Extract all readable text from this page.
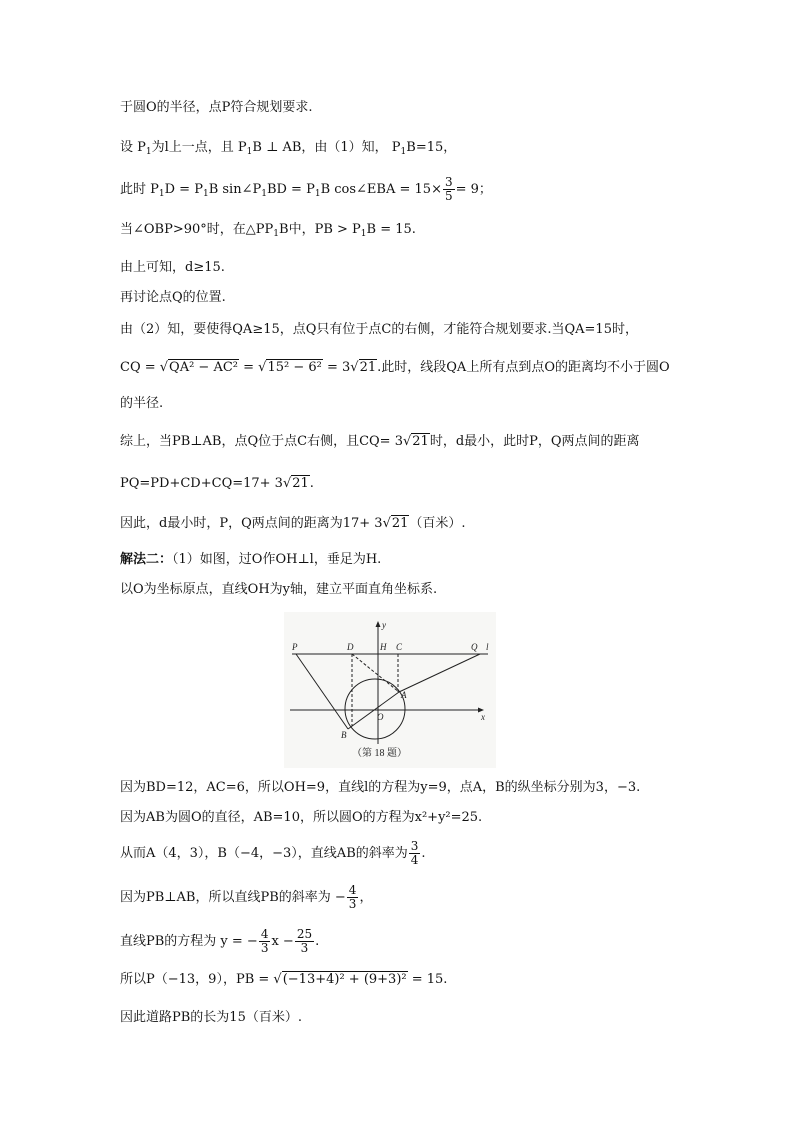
于圆O的半径，点P符合规划要求.
设 $P_1$为l上一点，且 $P_1B$ ⊥ AB，由（1）知， $P_1B=15$，
此时 $P_1D = P_1B$ $\sin\angle P_1BD = P_1B$ cos∠EBA = $15\times \frac{3}{5} = 9$；
当∠OBP>90°时，在$\triangle PP_1B$中，PB > $P_1B = 15$.
由上可知，d≥15.
再讨论点Q的位置.
由（2）知，要使得QA≥15，点Q只有位于点C的右侧，才能符合规划要求.当QA=15时，
CQ = √QA² − AC² = √15² − 6² = 3√21.此时，线段QA上所有点到点O的距离均不小于圆O
的半径.
综上，当PB⊥AB，点Q位于点C右侧，且CQ= 3√21时，d最小，此时P，Q两点间的距离
PQ=PD+CD+CQ=17+ 3√21.
因此，d最小时，P，Q两点间的距离为17+ 3√21（百米）.
解法二：（1）如图，过O作OH⊥l，垂足为H.
以O为坐标原点，直线OH为y轴，建立平面直角坐标系.
P	D	H C	Q l
A
O
B
x
y
（第 18 题）
因为BD=12，AC=6，所以OH=9，直线l的方程为y=9，点A，B的纵坐标分别为3，−3.
因为AB为圆O的直径，AB=10，所以圆O的方程为x²+y²=25.
从而A（4，3），B（−4，−3），直线AB的斜率为 $\frac{3}{4}$ .
因为PB⊥AB，所以直线PB的斜率为 − $\frac{4}{3}$ ，
直线PB的方程为 y = − $\frac{4}{3}$ $x - \frac{25}{3}$ .
所以P（−13，9），PB = √(−13+4)² + (9+3)² = 15.
因此道路PB的长为15（百米）.
